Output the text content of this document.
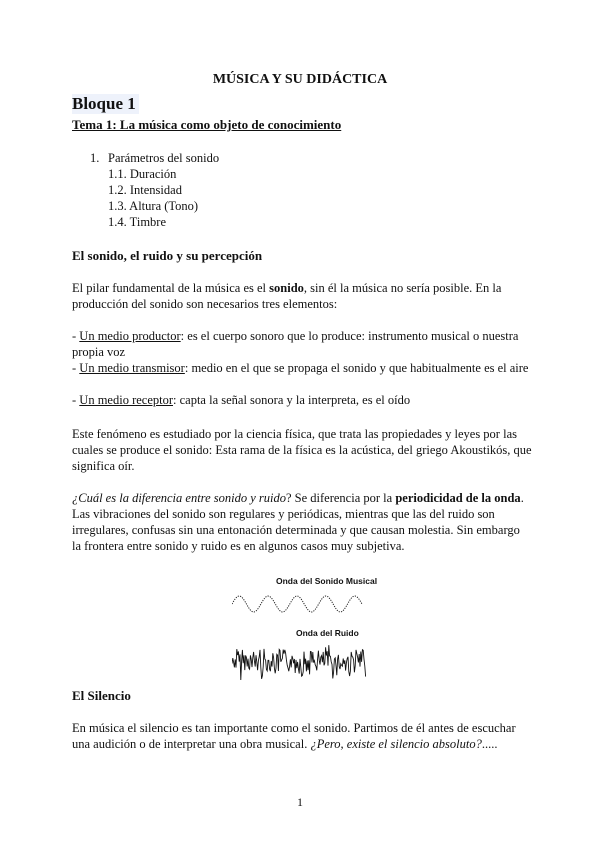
MÚSICA Y SU DIDÁCTICA
Bloque 1
Tema 1: La música como objeto de conocimiento
1. Parámetros del sonido
1.1. Duración
1.2. Intensidad
1.3. Altura (Tono)
1.4. Timbre
El sonido, el ruido y su percepción
El pilar fundamental de la música es el sonido, sin él la música no sería posible. En la producción del sonido son necesarios tres elementos:
- Un medio productor: es el cuerpo sonoro que lo produce: instrumento musical o nuestra propia voz
- Un medio transmisor: medio en el que se propaga el sonido y que habitualmente es el aire
- Un medio receptor: capta la señal sonora y la interpreta, es el oído
Este fenómeno es estudiado por la ciencia física, que trata las propiedades y leyes por las cuales se produce el sonido: Esta rama de la física es la acústica, del griego Akoustikós, que significa oír.
¿Cuál es la diferencia entre sonido y ruido? Se diferencia por la periodicidad de la onda. Las vibraciones del sonido son regulares y periódicas, mientras que las del ruido son irregulares, confusas sin una entonación determinada y que causan molestia. Sin embargo la frontera entre sonido y ruido es en algunos casos muy subjetiva.
Onda del Sonido Musical
Onda del Ruido
El Silencio
En música el silencio es tan importante como el sonido. Partimos de él antes de escuchar una audición o de interpretar una obra musical. ¿Pero, existe el silencio absoluto?.....
1
